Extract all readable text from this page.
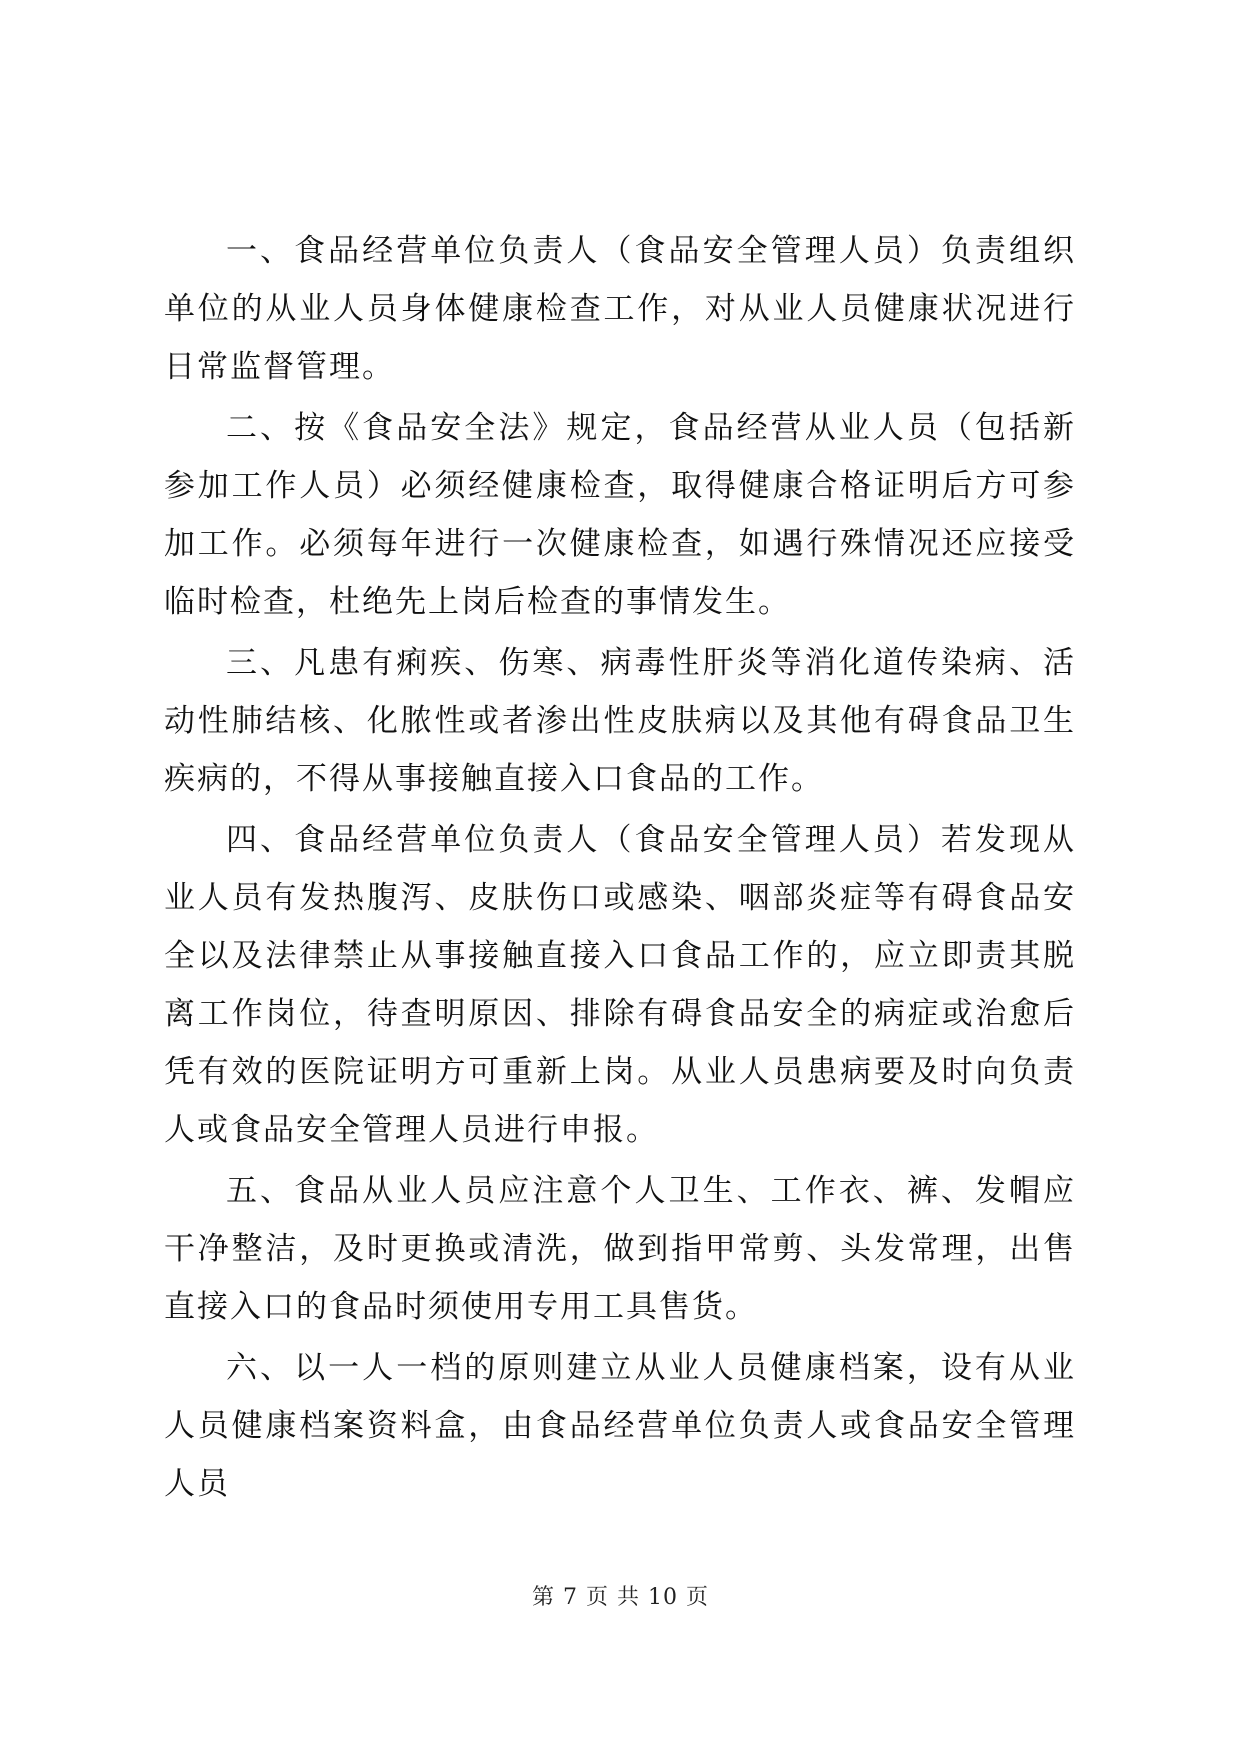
一、食品经营单位负责人（食品安全管理人员）负责组织单位的从业人员身体健康检查工作，对从业人员健康状况进行日常监督管理。

二、按《食品安全法》规定，食品经营从业人员（包括新参加工作人员）必须经健康检查，取得健康合格证明后方可参加工作。必须每年进行一次健康检查，如遇行殊情况还应接受临时检查，杜绝先上岗后检查的事情发生。

三、凡患有痢疾、伤寒、病毒性肝炎等消化道传染病、活动性肺结核、化脓性或者渗出性皮肤病以及其他有碍食品卫生疾病的，不得从事接触直接入口食品的工作。

四、食品经营单位负责人（食品安全管理人员）若发现从业人员有发热腹泻、皮肤伤口或感染、咽部炎症等有碍食品安全以及法律禁止从事接触直接入口食品工作的，应立即责其脱离工作岗位，待查明原因、排除有碍食品安全的病症或治愈后凭有效的医院证明方可重新上岗。从业人员患病要及时向负责人或食品安全管理人员进行申报。

五、食品从业人员应注意个人卫生、工作衣、裤、发帽应干净整洁，及时更换或清洗，做到指甲常剪、头发常理，出售直接入口的食品时须使用专用工具售货。

六、以一人一档的原则建立从业人员健康档案，设有从业人员健康档案资料盒，由食品经营单位负责人或食品安全管理人员

第 7 页 共 10 页
